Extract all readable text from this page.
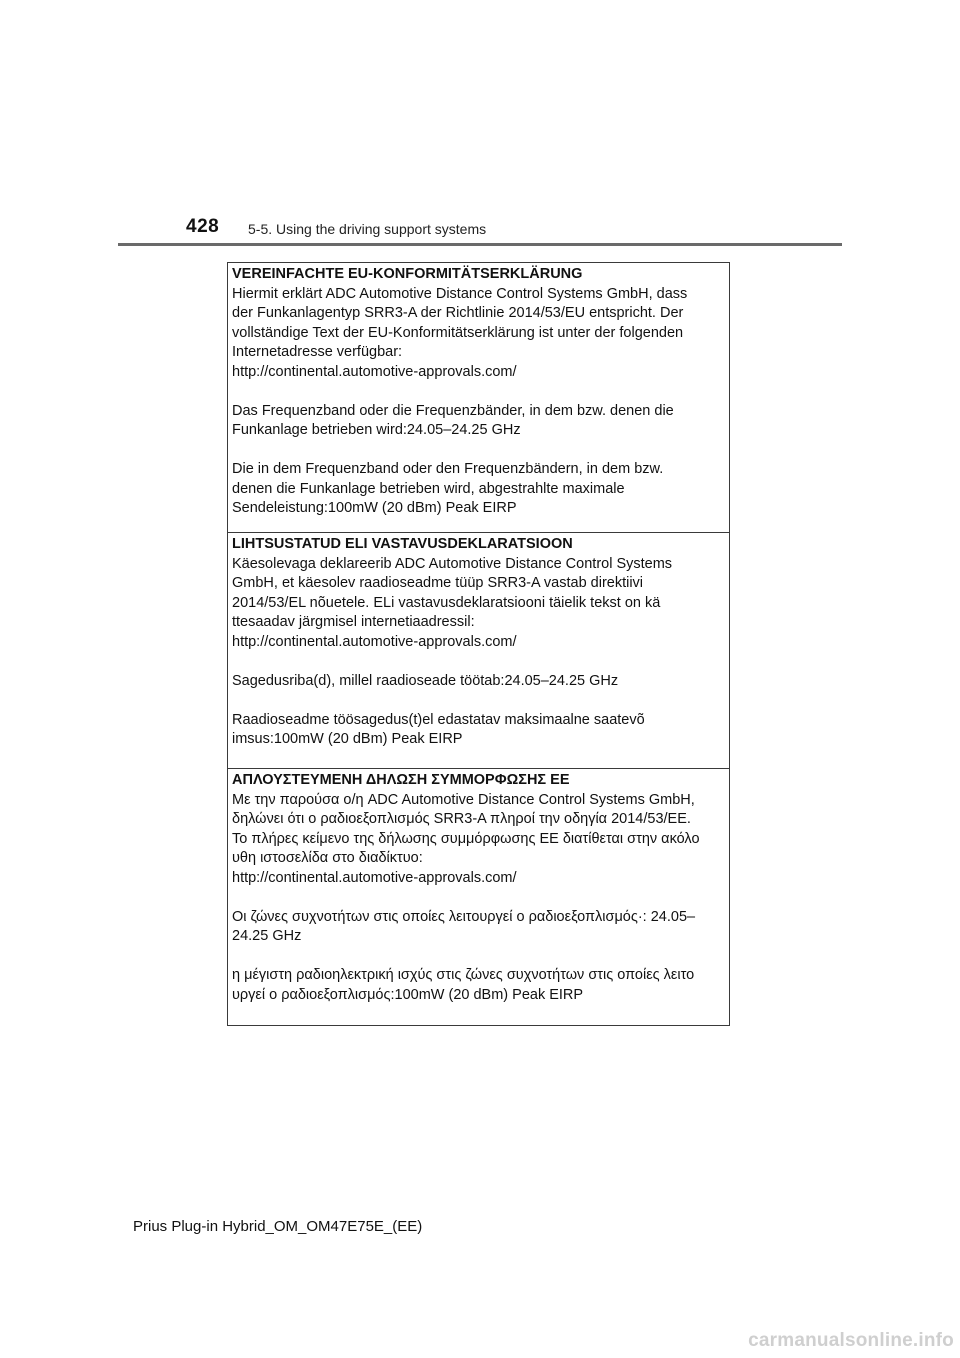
428 5-5. Using the driving support systems
VEREINFACHTE EU-KONFORMITÄTSERKLÄRUNG
Hiermit erklärt ADC Automotive Distance Control Systems GmbH, dass
der Funkanlagentyp SRR3-A der Richtlinie 2014/53/EU entspricht. Der
vollständige Text der EU-Konformitätserklärung ist unter der folgenden
Internetadresse verfügbar:
http://continental.automotive-approvals.com/
Das Frequenzband oder die Frequenzbänder, in dem bzw. denen die
Funkanlage betrieben wird:24.05–24.25 GHz
Die in dem Frequenzband oder den Frequenzbändern, in dem bzw.
denen die Funkanlage betrieben wird, abgestrahlte maximale
Sendeleistung:100mW (20 dBm) Peak EIRP
LIHTSUSTATUD ELI VASTAVUSDEKLARATSIOON
Käesolevaga deklareerib ADC Automotive Distance Control Systems
GmbH, et käesolev raadioseadme tüüp SRR3-A vastab direktiivi
2014/53/EL nõuetele. ELi vastavusdeklaratsiooni täielik tekst on kä
ttesaadav järgmisel internetiaadressil:
http://continental.automotive-approvals.com/
Sagedusriba(d), millel raadioseade töötab:24.05–24.25 GHz
Raadioseadme töösagedus(t)el edastatav maksimaalne saatevõ
imsus:100mW (20 dBm) Peak EIRP
ΑΠΛΟΥΣΤΕΥΜΕΝΗ ΔΗΛΩΣΗ ΣΥΜΜΟΡΦΩΣΗΣ ΕΕ
Με την παρούσα ο/η ADC Automotive Distance Control Systems GmbH,
δηλώνει ότι ο ραδιοεξοπλισμός SRR3-A πληροί την οδηγία 2014/53/ΕΕ.
Το πλήρες κείμενο της δήλωσης συμμόρφωσης ΕΕ διατίθεται στην ακόλο
υθη ιστοσελίδα στο διαδίκτυο:
http://continental.automotive-approvals.com/
Οι ζώνες συχνοτήτων στις οποίες λειτουργεί ο ραδιοεξοπλισμός·: 24.05–
24.25 GHz
η μέγιστη ραδιοηλεκτρική ισχύς στις ζώνες συχνοτήτων στις οποίες λειτο
υργεί ο ραδιοεξοπλισμός:100mW (20 dBm) Peak EIRP
Prius Plug-in Hybrid_OM_OM47E75E_(EE)
carmanualsonline.info
